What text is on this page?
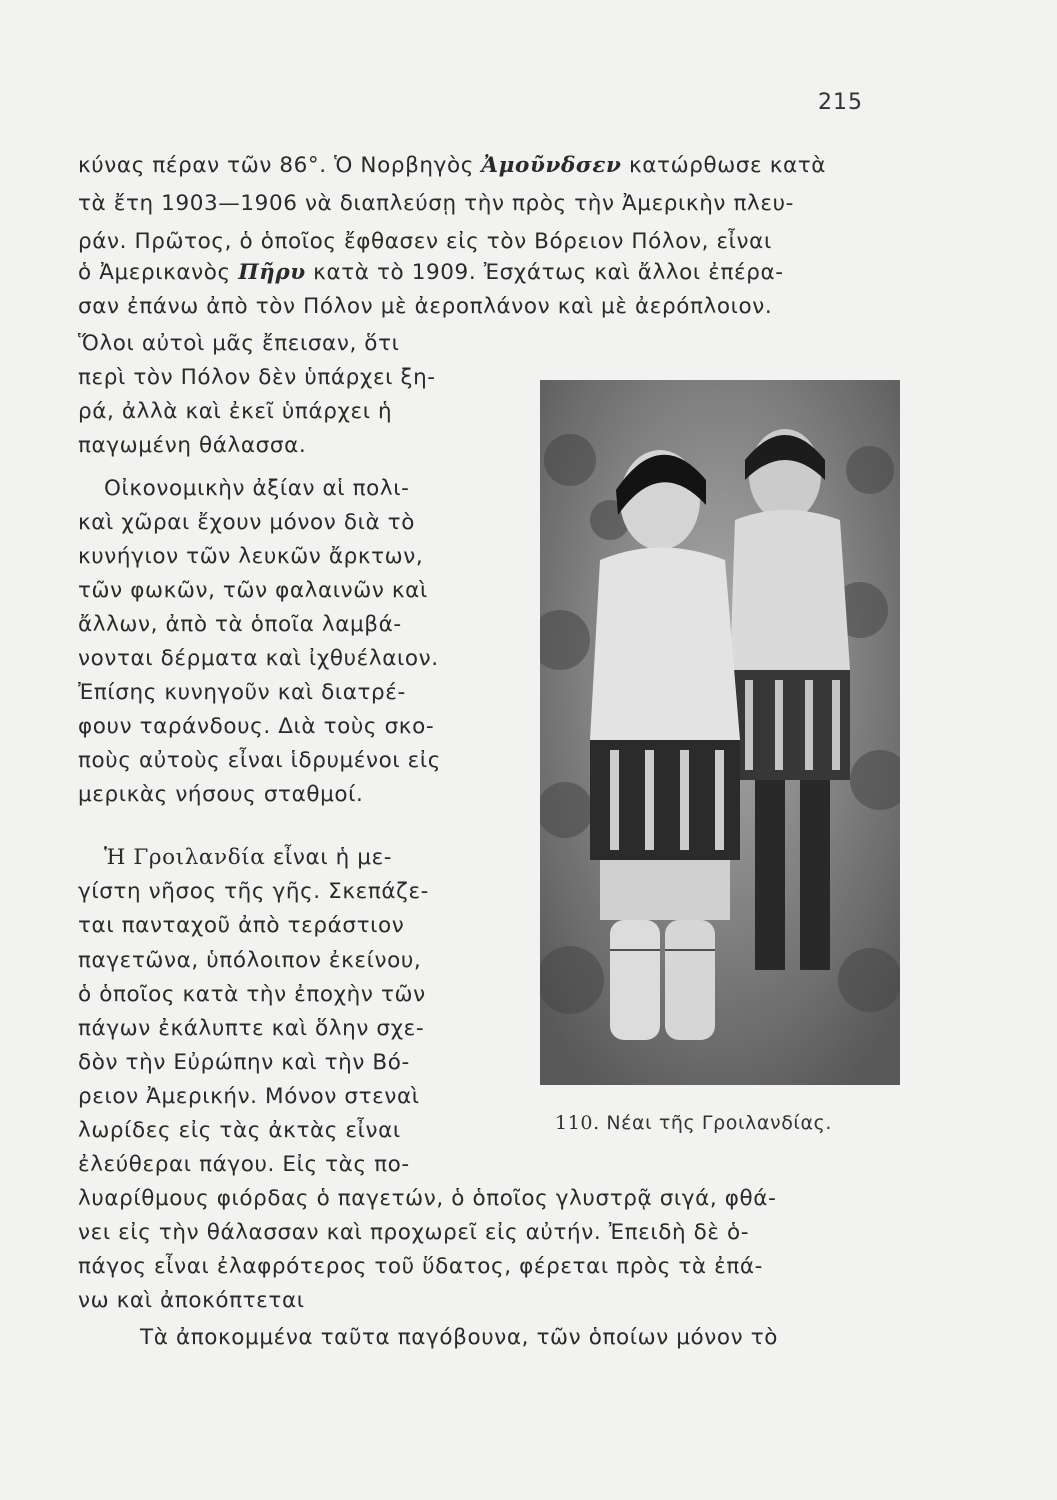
215
κύνας πέραν τῶν 86°. Ὁ Νορβηγὸς Ἀμοῦνδσεν κατώρθωσε κατὰ
τὰ ἔτη 1903—1906 νὰ διαπλεύσῃ τὴν πρὸς τὴν Ἀμερικὴν πλευ-
ράν. Πρῶτος, ὁ ὁποῖος ἔφθασεν εἰς τὸν Βόρειον Πόλον, εἶναι
ὁ Ἀμερικανὸς Πῆρυ κατὰ τὸ 1909. Ἐσχάτως καὶ ἄλλοι ἐπέρα-
σαν ἐπάνω ἀπὸ τὸν Πόλον μὲ ἀεροπλάνον καὶ μὲ ἀερόπλοιον.
Ὅλοι αὐτοὶ μᾶς ἔπεισαν, ὅτι
περὶ τὸν Πόλον δὲν ὑπάρχει ξη-
ρά, ἀλλὰ καὶ ἐκεῖ ὑπάρχει ἡ
παγωμένη θάλασσα.
Οἰκονομικὴν ἀξίαν αἱ πολι-
καὶ χῶραι ἔχουν μόνον διὰ τὸ
κυνήγιον τῶν λευκῶν ἄρκτων,
τῶν φωκῶν, τῶν φαλαινῶν καὶ
ἄλλων, ἀπὸ τὰ ὁποῖα λαμβά-
νονται δέρματα καὶ ἰχθυέλαιον.
Ἐπίσης κυνηγοῦν καὶ διατρέ-
φουν ταράνδους. Διὰ τοὺς σκο-
ποὺς αὐτοὺς εἶναι ἱδρυμένοι εἰς
μερικὰς νήσους σταθμοί.
Ἡ Γροιλανδία εἶναι ἡ με-
γίστη νῆσος τῆς γῆς. Σκεπάζε-
ται πανταχοῦ ἀπὸ τεράστιον
παγετῶνα, ὑπόλοιπον ἐκείνου,
ὁ ὁποῖος κατὰ τὴν ἐποχὴν τῶν
πάγων ἐκάλυπτε καὶ ὅλην σχε-
δὸν τὴν Εὐρώπην καὶ τὴν Βό-
ρειον Ἀμερικήν. Μόνον στεναὶ
λωρίδες εἰς τὰς ἀκτὰς εἶναι
ἐλεύθεραι πάγου. Εἰς τὰς πο-
λυαρίθμους φιόρδας ὁ παγετών, ὁ ὁποῖος γλυστρᾷ σιγά, φθά-
νει εἰς τὴν θάλασσαν καὶ προχωρεῖ εἰς αὐτήν. Ἐπειδὴ δὲ ὁ-
πάγος εἶναι ἐλαφρότερος τοῦ ὕδατος, φέρεται πρὸς τὰ ἐπά-
νω καὶ ἀποκόπτεται
Τὰ ἀποκομμένα ταῦτα παγόβουνα, τῶν ὁποίων μόνον τὸ
110. Νέαι τῆς Γροιλανδίας.
